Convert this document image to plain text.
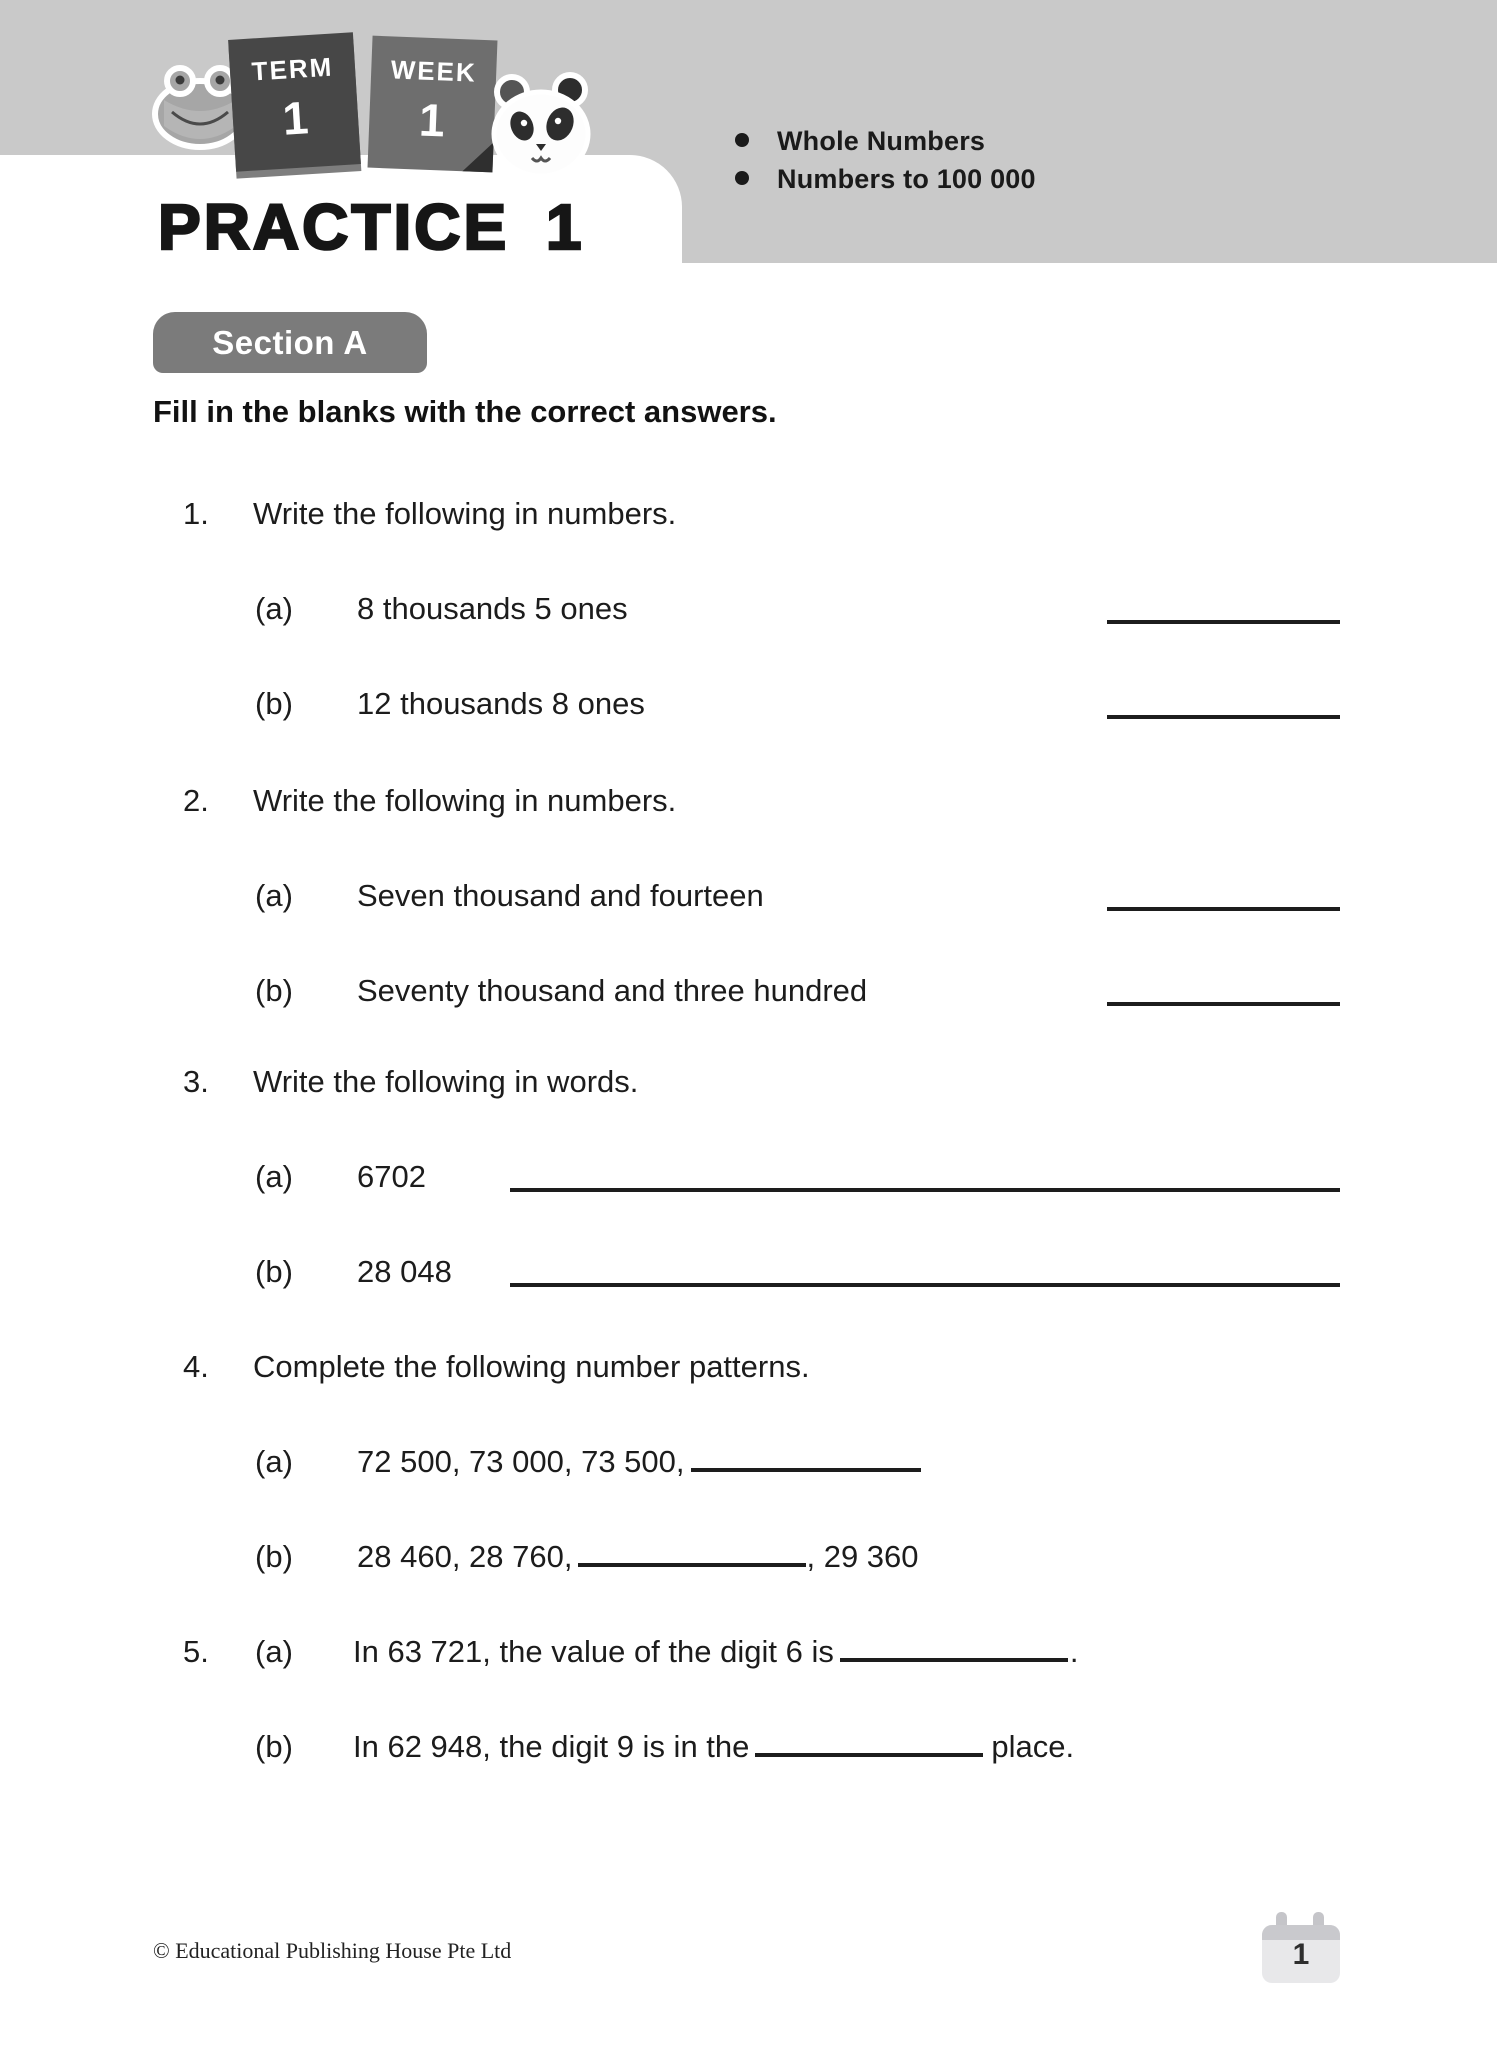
TERM
1
WEEK
1
PRACTICE 1
Whole Numbers
Numbers to 100 000
Section A
Fill in the blanks with the correct answers.
1. Write the following in numbers.
(a) 8 thousands 5 ones
(b) 12 thousands 8 ones
2. Write the following in numbers.
(a) Seven thousand and fourteen
(b) Seventy thousand and three hundred
3. Write the following in words.
(a) 6702
(b) 28 048
4. Complete the following number patterns.
(a) 72 500, 73 000, 73 500,
(b) 28 460, 28 760,	, 29 360
5. (a) In 63 721, the value of the digit 6 is	.
(b) In 62 948, the digit 9 is in the	place.
© Educational Publishing House Pte Ltd	1
